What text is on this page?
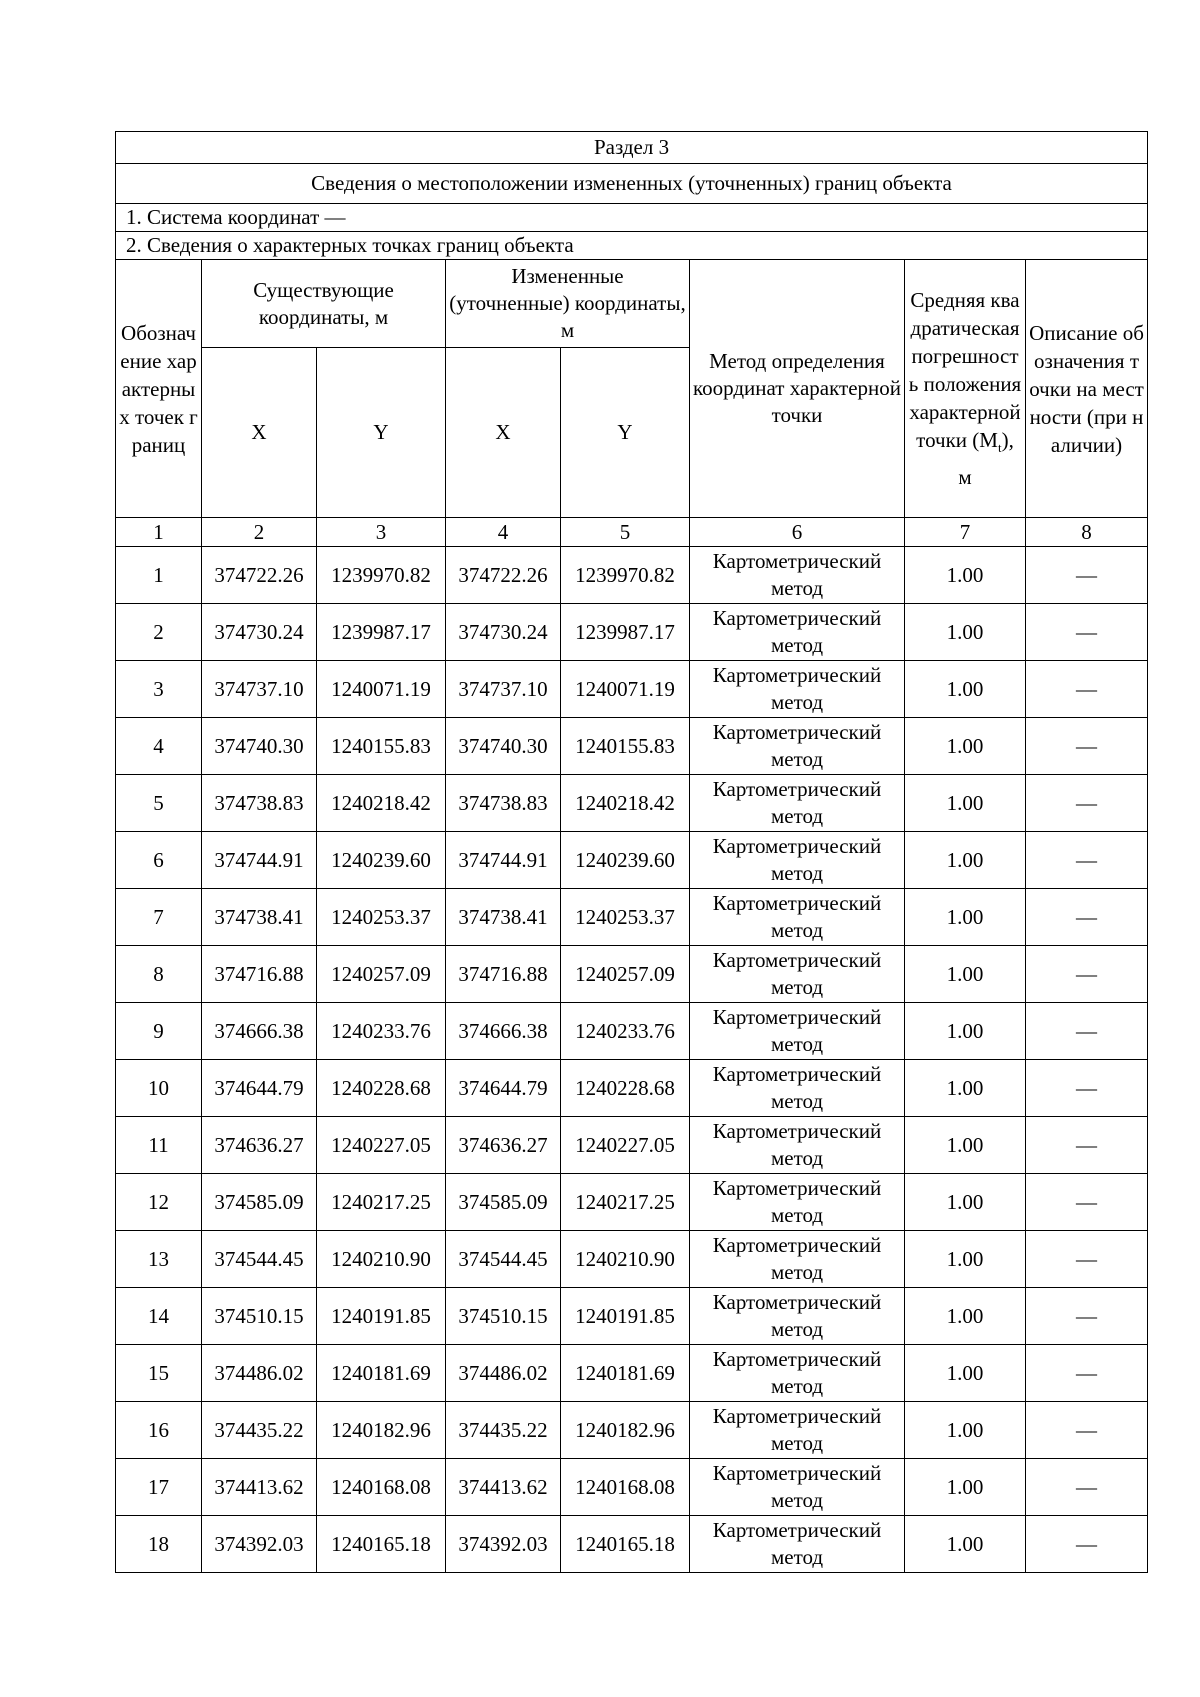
Раздел 3							
Сведения о местоположении измененных (уточненных) границ объекта							
1. Система координат —							
2. Сведения о характерных точках границ объекта							
Обозначение характерных точек границ	Существующие координаты, м		Измененные (уточненные) координаты, м		Метод определения координат характерной точки	Средняя квадратическая погрешность положения характерной точки $(M_t)$, м	Описание обозначения точки на местности (при наличии)
	X	Y	X	Y			
1	2	3	4	5	6	7	8
1	374722.26	1239970.82	374722.26	1239970.82	Картометрический метод	1.00	—
2	374730.24	1239987.17	374730.24	1239987.17	Картометрический метод	1.00	—
3	374737.10	1240071.19	374737.10	1240071.19	Картометрический метод	1.00	—
4	374740.30	1240155.83	374740.30	1240155.83	Картометрический метод	1.00	—
5	374738.83	1240218.42	374738.83	1240218.42	Картометрический метод	1.00	—
6	374744.91	1240239.60	374744.91	1240239.60	Картометрический метод	1.00	—
7	374738.41	1240253.37	374738.41	1240253.37	Картометрический метод	1.00	—
8	374716.88	1240257.09	374716.88	1240257.09	Картометрический метод	1.00	—
9	374666.38	1240233.76	374666.38	1240233.76	Картометрический метод	1.00	—
10	374644.79	1240228.68	374644.79	1240228.68	Картометрический метод	1.00	—
11	374636.27	1240227.05	374636.27	1240227.05	Картометрический метод	1.00	—
12	374585.09	1240217.25	374585.09	1240217.25	Картометрический метод	1.00	—
13	374544.45	1240210.90	374544.45	1240210.90	Картометрический метод	1.00	—
14	374510.15	1240191.85	374510.15	1240191.85	Картометрический метод	1.00	—
15	374486.02	1240181.69	374486.02	1240181.69	Картометрический метод	1.00	—
16	374435.22	1240182.96	374435.22	1240182.96	Картометрический метод	1.00	—
17	374413.62	1240168.08	374413.62	1240168.08	Картометрический метод	1.00	—
18	374392.03	1240165.18	374392.03	1240165.18	Картометрический метод	1.00	—
